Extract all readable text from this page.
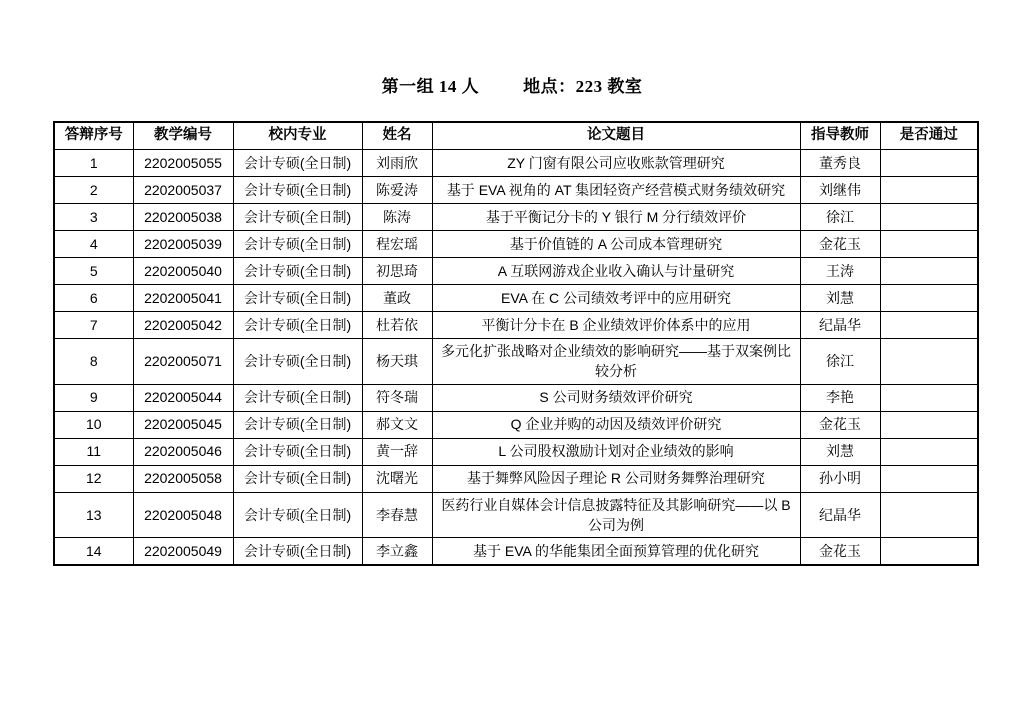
第一组 14 人	地点：223 教室
答辩序号	教学编号	校内专业	姓名	论文题目	指导教师	是否通过
1	2202005055	会计专硕(全日制)	刘雨欣	ZY 门窗有限公司应收账款管理研究	董秀良	
2	2202005037	会计专硕(全日制)	陈爱涛	基于 EVA 视角的 AT 集团轻资产经营模式财务绩效研究	刘继伟	
3	2202005038	会计专硕(全日制)	陈涛	基于平衡记分卡的 Y 银行 M 分行绩效评价	徐江	
4	2202005039	会计专硕(全日制)	程宏瑶	基于价值链的 A 公司成本管理研究	金花玉	
5	2202005040	会计专硕(全日制)	初思琦	A 互联网游戏企业收入确认与计量研究	王涛	
6	2202005041	会计专硕(全日制)	董政	EVA 在 C 公司绩效考评中的应用研究	刘慧	
7	2202005042	会计专硕(全日制)	杜若依	平衡计分卡在 B 企业绩效评价体系中的应用	纪晶华	
8	2202005071	会计专硕(全日制)	杨天琪	多元化扩张战略对企业绩效的影响研究——基于双案例比较分析	徐江	
9	2202005044	会计专硕(全日制)	符冬瑞	S 公司财务绩效评价研究	李艳	
10	2202005045	会计专硕(全日制)	郝文文	Q 企业并购的动因及绩效评价研究	金花玉	
11	2202005046	会计专硕(全日制)	黄一辞	L 公司股权激励计划对企业绩效的影响	刘慧	
12	2202005058	会计专硕(全日制)	沈曙光	基于舞弊风险因子理论 R 公司财务舞弊治理研究	孙小明	
13	2202005048	会计专硕(全日制)	李春慧	医药行业自媒体会计信息披露特征及其影响研究——以 B 公司为例	纪晶华	
14	2202005049	会计专硕(全日制)	李立鑫	基于 EVA 的华能集团全面预算管理的优化研究	金花玉	
